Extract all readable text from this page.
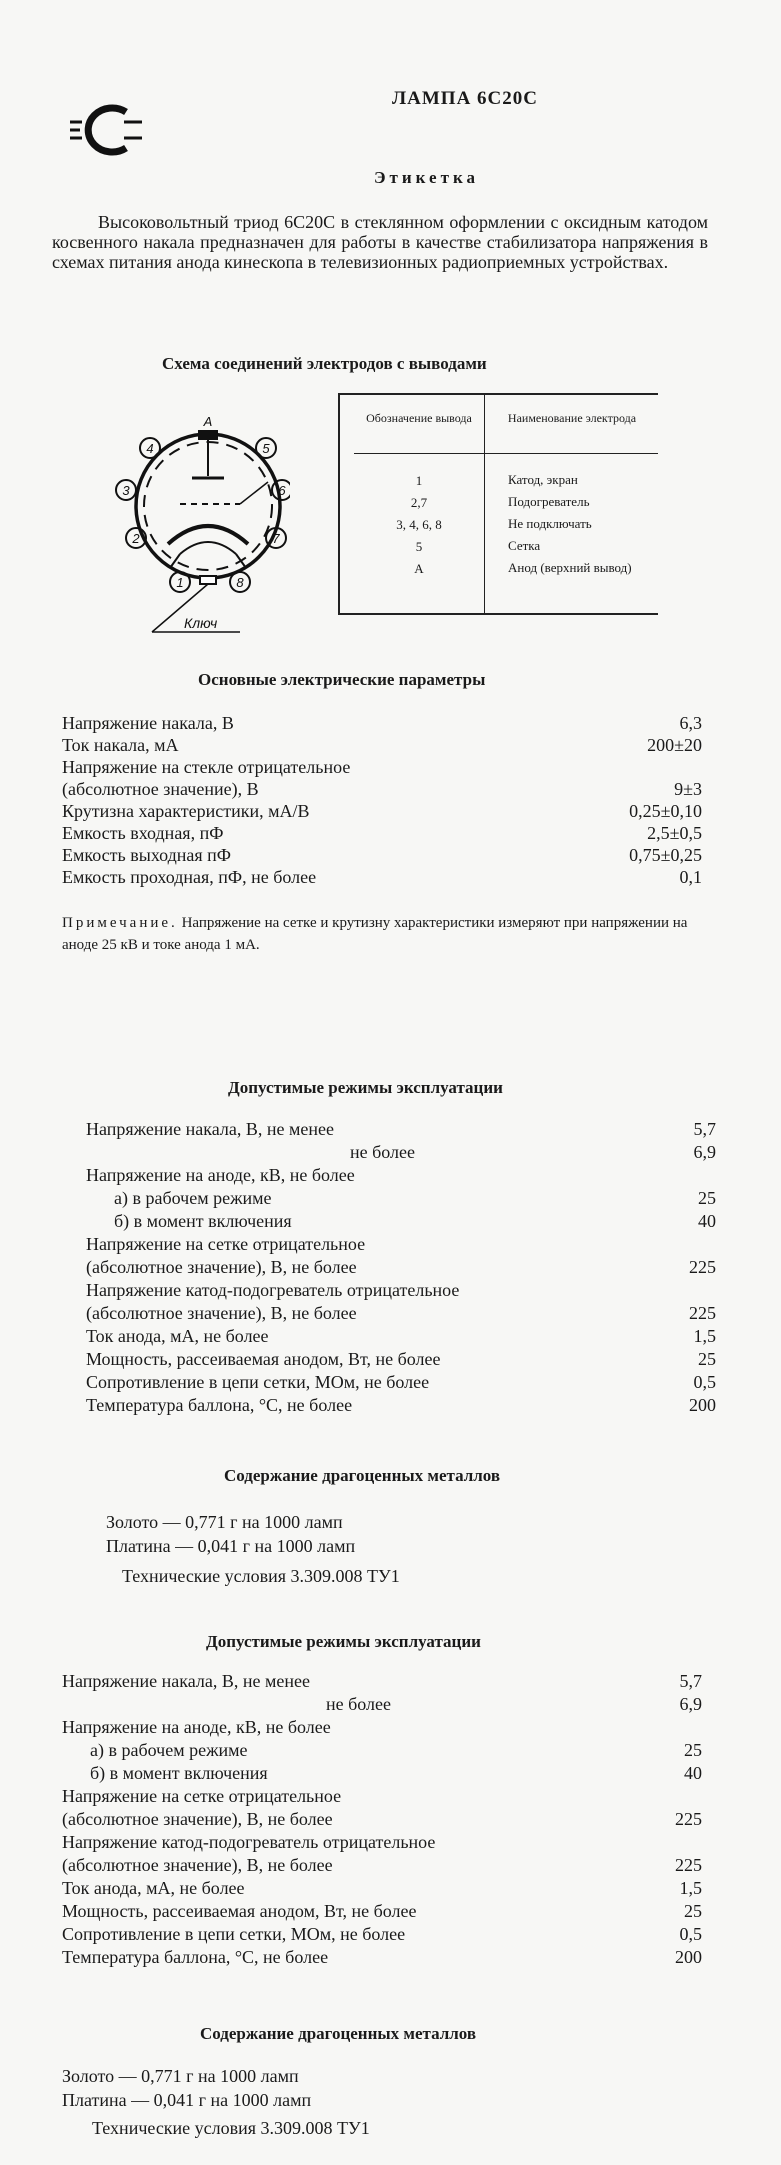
ЛАМПА 6С20С
Этикетка

Высоковольтный триод 6С20С в стеклянном оформлении с оксидным катодом косвенного накала предназначен для работы в качестве стабилизатора напряжения в схемах питания анода кинескопа в телевизионных радиоприемных устройствах.

Схема соединений электродов с выводами
А
1
2
3
4	5
6
7
8
Ключ
Обозначение вывода	Наименование электрода
1	Катод, экран
2,7	Подогреватель
3, 4, 6, 8	Не подключать
5	Сетка
А	Анод (верхний вывод)
Основные электрические параметры
Напряжение накала, В	6,3
Ток накала, мА	200±20
Напряжение на стекле отрицательное
(абсолютное значение), В	9±3
Крутизна характеристики, мА/В	0,25±0,10
Емкость входная, пФ	2,5±0,5
Емкость выходная пФ	0,75±0,25
Емкость проходная, пФ, не более	0,1
Примечание. Напряжение на сетке и крутизну характеристики измеряют при напряжении на аноде 25 кВ и токе анода 1 мА.
Допустимые режимы эксплуатации
Напряжение накала, В, не менее	5,7
не более	6,9
Напряжение на аноде, кВ, не более
а) в рабочем режиме	25
б) в момент включения	40
Напряжение на сетке отрицательное
(абсолютное значение), В, не более	225
Напряжение катод-подогреватель отрицательное
(абсолютное значение), В, не более	225
Ток анода, мА, не более	1,5
Мощность, рассеиваемая анодом, Вт, не более	25
Сопротивление в цепи сетки, МОм, не более	0,5
Температура баллона, °С, не более	200
Содержание драгоценных металлов
Золото — 0,771 г на 1000 ламп
Платина — 0,041 г на 1000 ламп
Технические условия 3.309.008 ТУ1
Допустимые режимы эксплуатации
Напряжение накала, В, не менее	5,7
не более	6,9
Напряжение на аноде, кВ, не более
а) в рабочем режиме	25
б) в момент включения	40
Напряжение на сетке отрицательное
(абсолютное значение), В, не более	225
Напряжение катод-подогреватель отрицательное
(абсолютное значение), В, не более	225
Ток анода, мА, не более	1,5
Мощность, рассеиваемая анодом, Вт, не более	25
Сопротивление в цепи сетки, МОм, не более	0,5
Температура баллона, °С, не более	200
Содержание драгоценных металлов
Золото — 0,771 г на 1000 ламп
Платина — 0,041 г на 1000 ламп
Технические условия 3.309.008 ТУ1
